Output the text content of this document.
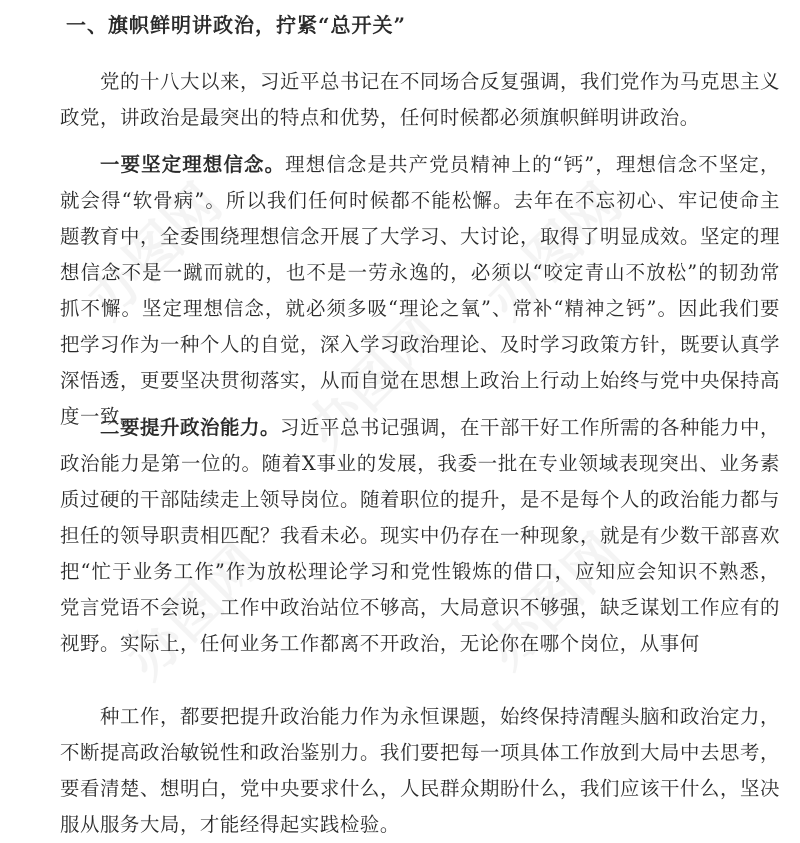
一、旗帜鲜明讲政治，拧紧“总开关”

党的十八大以来，习近平总书记在不同场合反复强调，我们党作为马克思主义政党，讲政治是最突出的特点和优势，任何时候都必须旗帜鲜明讲政治。

一要坚定理想信念。理想信念是共产党员精神上的“钙”，理想信念不坚定，就会得“软骨病”。所以我们任何时候都不能松懈。去年在不忘初心、牢记使命主题教育中，全委围绕理想信念开展了大学习、大讨论，取得了明显成效。坚定的理想信念不是一蹴而就的，也不是一劳永逸的，必须以“咬定青山不放松”的韧劲常抓不懈。坚定理想信念，就必须多吸“理论之氧”、常补“精神之钙”。因此我们要把学习作为一种个人的自觉，深入学习政治理论、及时学习政策方针，既要认真学深悟透，更要坚决贯彻落实，从而自觉在思想上政治上行动上始终与党中央保持高度一致。

二要提升政治能力。习近平总书记强调，在干部干好工作所需的各种能力中，政治能力是第一位的。随着X事业的发展，我委一批在专业领域表现突出、业务素质过硬的干部陆续走上领导岗位。随着职位的提升，是不是每个人的政治能力都与担任的领导职责相匹配？我看未必。现实中仍存在一种现象，就是有少数干部喜欢把“忙于业务工作”作为放松理论学习和党性锻炼的借口，应知应会知识不熟悉，党言党语不会说，工作中政治站位不够高，大局意识不够强，缺乏谋划工作应有的视野。实际上，任何业务工作都离不开政治，无论你在哪个岗位，从事何

种工作，都要把提升政治能力作为永恒课题，始终保持清醒头脑和政治定力，不断提高政治敏锐性和政治鉴别力。我们要把每一项具体工作放到大局中去思考，要看清楚、想明白，党中央要求什么，人民群众期盼什么，我们应该干什么，坚决服从服务大局，才能经得起实践检验。
